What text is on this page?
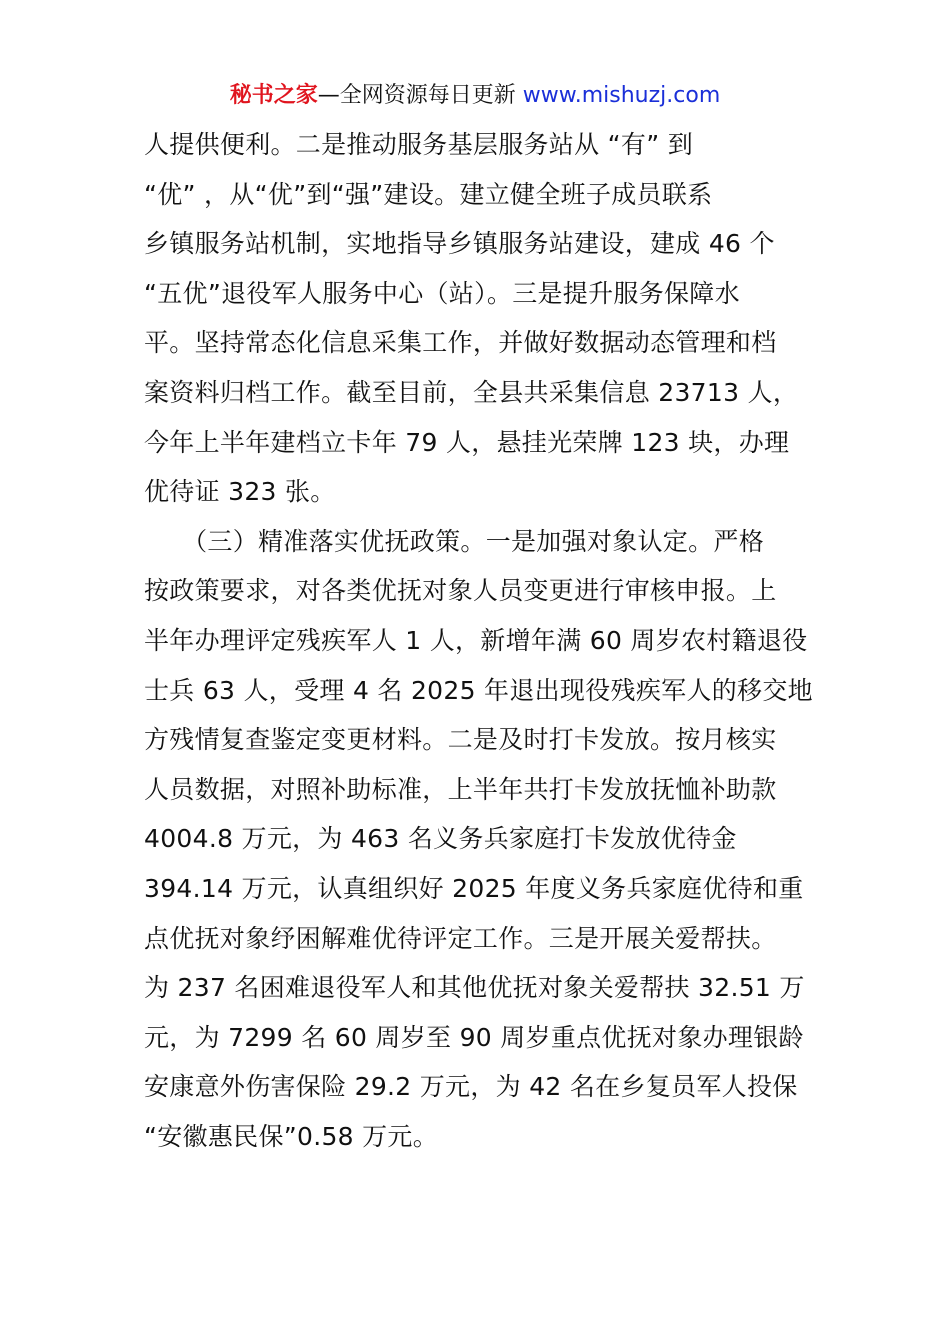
秘书之家—全网资源每日更新 www.mishuzj.com
人提供便利。二是推动服务基层服务站从 “有” 到
“优” ，从“优”到“强”建设。建立健全班子成员联系
乡镇服务站机制，实地指导乡镇服务站建设，建成 46 个
“五优”退役军人服务中心（站）。三是提升服务保障水
平。坚持常态化信息采集工作，并做好数据动态管理和档
案资料归档工作。截至目前，全县共采集信息 23713 人，
今年上半年建档立卡年 79 人，悬挂光荣牌 123 块，办理
优待证 323 张。
　　（三）精准落实优抚政策。一是加强对象认定。严格
按政策要求，对各类优抚对象人员变更进行审核申报。上
半年办理评定残疾军人 1 人，新增年满 60 周岁农村籍退役
士兵 63 人，受理 4 名 2025 年退出现役残疾军人的移交地
方残情复查鉴定变更材料。二是及时打卡发放。按月核实
人员数据，对照补助标准，上半年共打卡发放抚恤补助款
4004.8 万元，为 463 名义务兵家庭打卡发放优待金
394.14 万元，认真组织好 2025 年度义务兵家庭优待和重
点优抚对象纾困解难优待评定工作。三是开展关爱帮扶。
为 237 名困难退役军人和其他优抚对象关爱帮扶 32.51 万
元，为 7299 名 60 周岁至 90 周岁重点优抚对象办理银龄
安康意外伤害保险 29.2 万元，为 42 名在乡复员军人投保
“安徽惠民保”0.58 万元。
